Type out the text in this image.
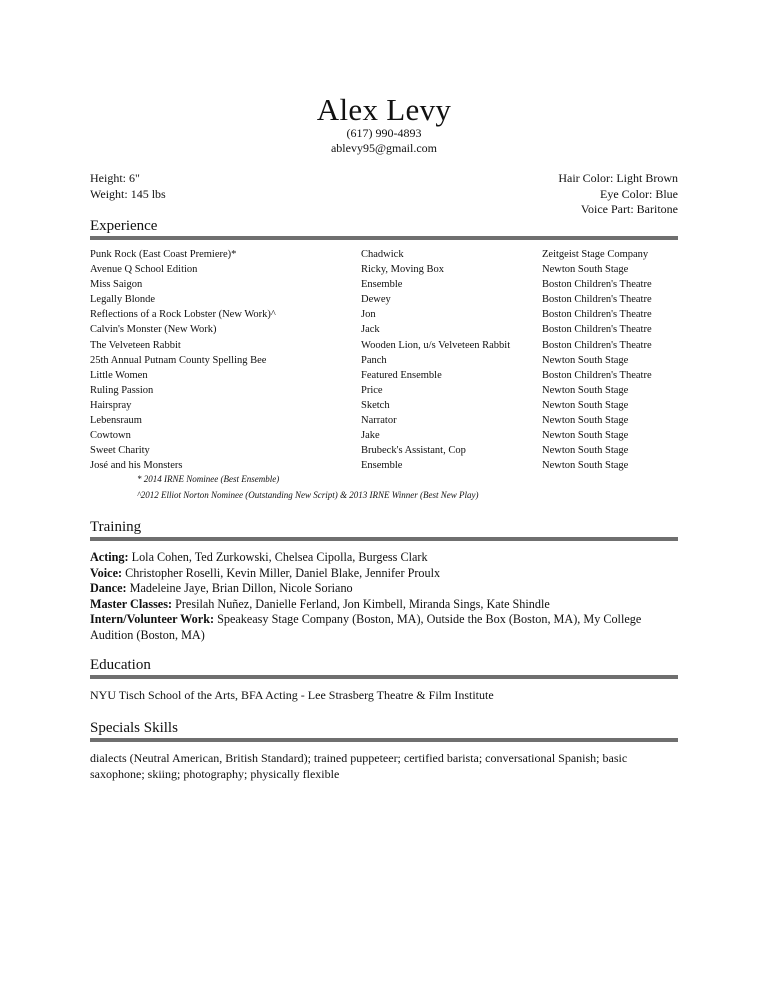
Alex Levy
(617) 990-4893
ablevy95@gmail.com
Height: 6"
Weight: 145 lbs
Hair Color: Light Brown
Eye Color: Blue
Voice Part: Baritone
Experience
Punk Rock (East Coast Premiere)*	Chadwick	Zeitgeist Stage Company
Avenue Q School Edition	Ricky, Moving Box	Newton South Stage
Miss Saigon	Ensemble	Boston Children's Theatre
Legally Blonde	Dewey	Boston Children's Theatre
Reflections of a Rock Lobster (New Work)^	Jon	Boston Children's Theatre
Calvin's Monster (New Work)	Jack	Boston Children's Theatre
The Velveteen Rabbit	Wooden Lion, u/s Velveteen Rabbit	Boston Children's Theatre
25th Annual Putnam County Spelling Bee	Panch	Newton South Stage
Little Women	Featured Ensemble	Boston Children's Theatre
Ruling Passion	Price	Newton South Stage
Hairspray	Sketch	Newton South Stage
Lebensraum	Narrator	Newton South Stage
Cowtown	Jake	Newton South Stage
Sweet Charity	Brubeck's Assistant, Cop	Newton South Stage
José and his Monsters	Ensemble	Newton South Stage
* 2014 IRNE Nominee (Best Ensemble)
^2012 Elliot Norton Nominee (Outstanding New Script) & 2013 IRNE Winner (Best New Play)
Training
Acting: Lola Cohen, Ted Zurkowski, Chelsea Cipolla, Burgess Clark
Voice: Christopher Roselli, Kevin Miller, Daniel Blake, Jennifer Proulx
Dance: Madeleine Jaye, Brian Dillon, Nicole Soriano
Master Classes: Presilah Nuñez, Danielle Ferland, Jon Kimbell, Miranda Sings, Kate Shindle
Intern/Volunteer Work: Speakeasy Stage Company (Boston, MA), Outside the Box (Boston, MA), My College Audition (Boston, MA)
Education
NYU Tisch School of the Arts, BFA Acting - Lee Strasberg Theatre & Film Institute
Specials Skills
dialects (Neutral American, British Standard); trained puppeteer; certified barista; conversational Spanish; basic saxophone; skiing; photography; physically flexible
